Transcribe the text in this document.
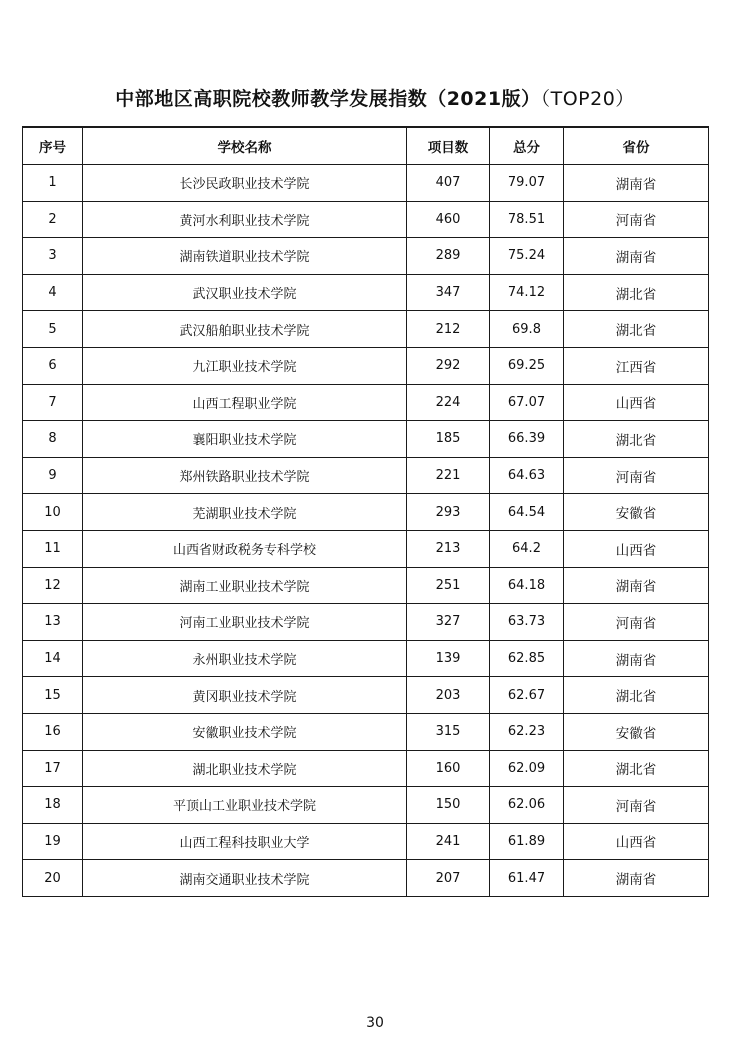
中部地区高职院校教师教学发展指数（2021版）（TOP20）
序号	学校名称	项目数	总分	省份
1	长沙民政职业技术学院	407	79.07	湖南省
2	黄河水利职业技术学院	460	78.51	河南省
3	湖南铁道职业技术学院	289	75.24	湖南省
4	武汉职业技术学院	347	74.12	湖北省
5	武汉船舶职业技术学院	212	69.8	湖北省
6	九江职业技术学院	292	69.25	江西省
7	山西工程职业学院	224	67.07	山西省
8	襄阳职业技术学院	185	66.39	湖北省
9	郑州铁路职业技术学院	221	64.63	河南省
10	芜湖职业技术学院	293	64.54	安徽省
11	山西省财政税务专科学校	213	64.2	山西省
12	湖南工业职业技术学院	251	64.18	湖南省
13	河南工业职业技术学院	327	63.73	河南省
14	永州职业技术学院	139	62.85	湖南省
15	黄冈职业技术学院	203	62.67	湖北省
16	安徽职业技术学院	315	62.23	安徽省
17	湖北职业技术学院	160	62.09	湖北省
18	平顶山工业职业技术学院	150	62.06	河南省
19	山西工程科技职业大学	241	61.89	山西省
20	湖南交通职业技术学院	207	61.47	湖南省
30
